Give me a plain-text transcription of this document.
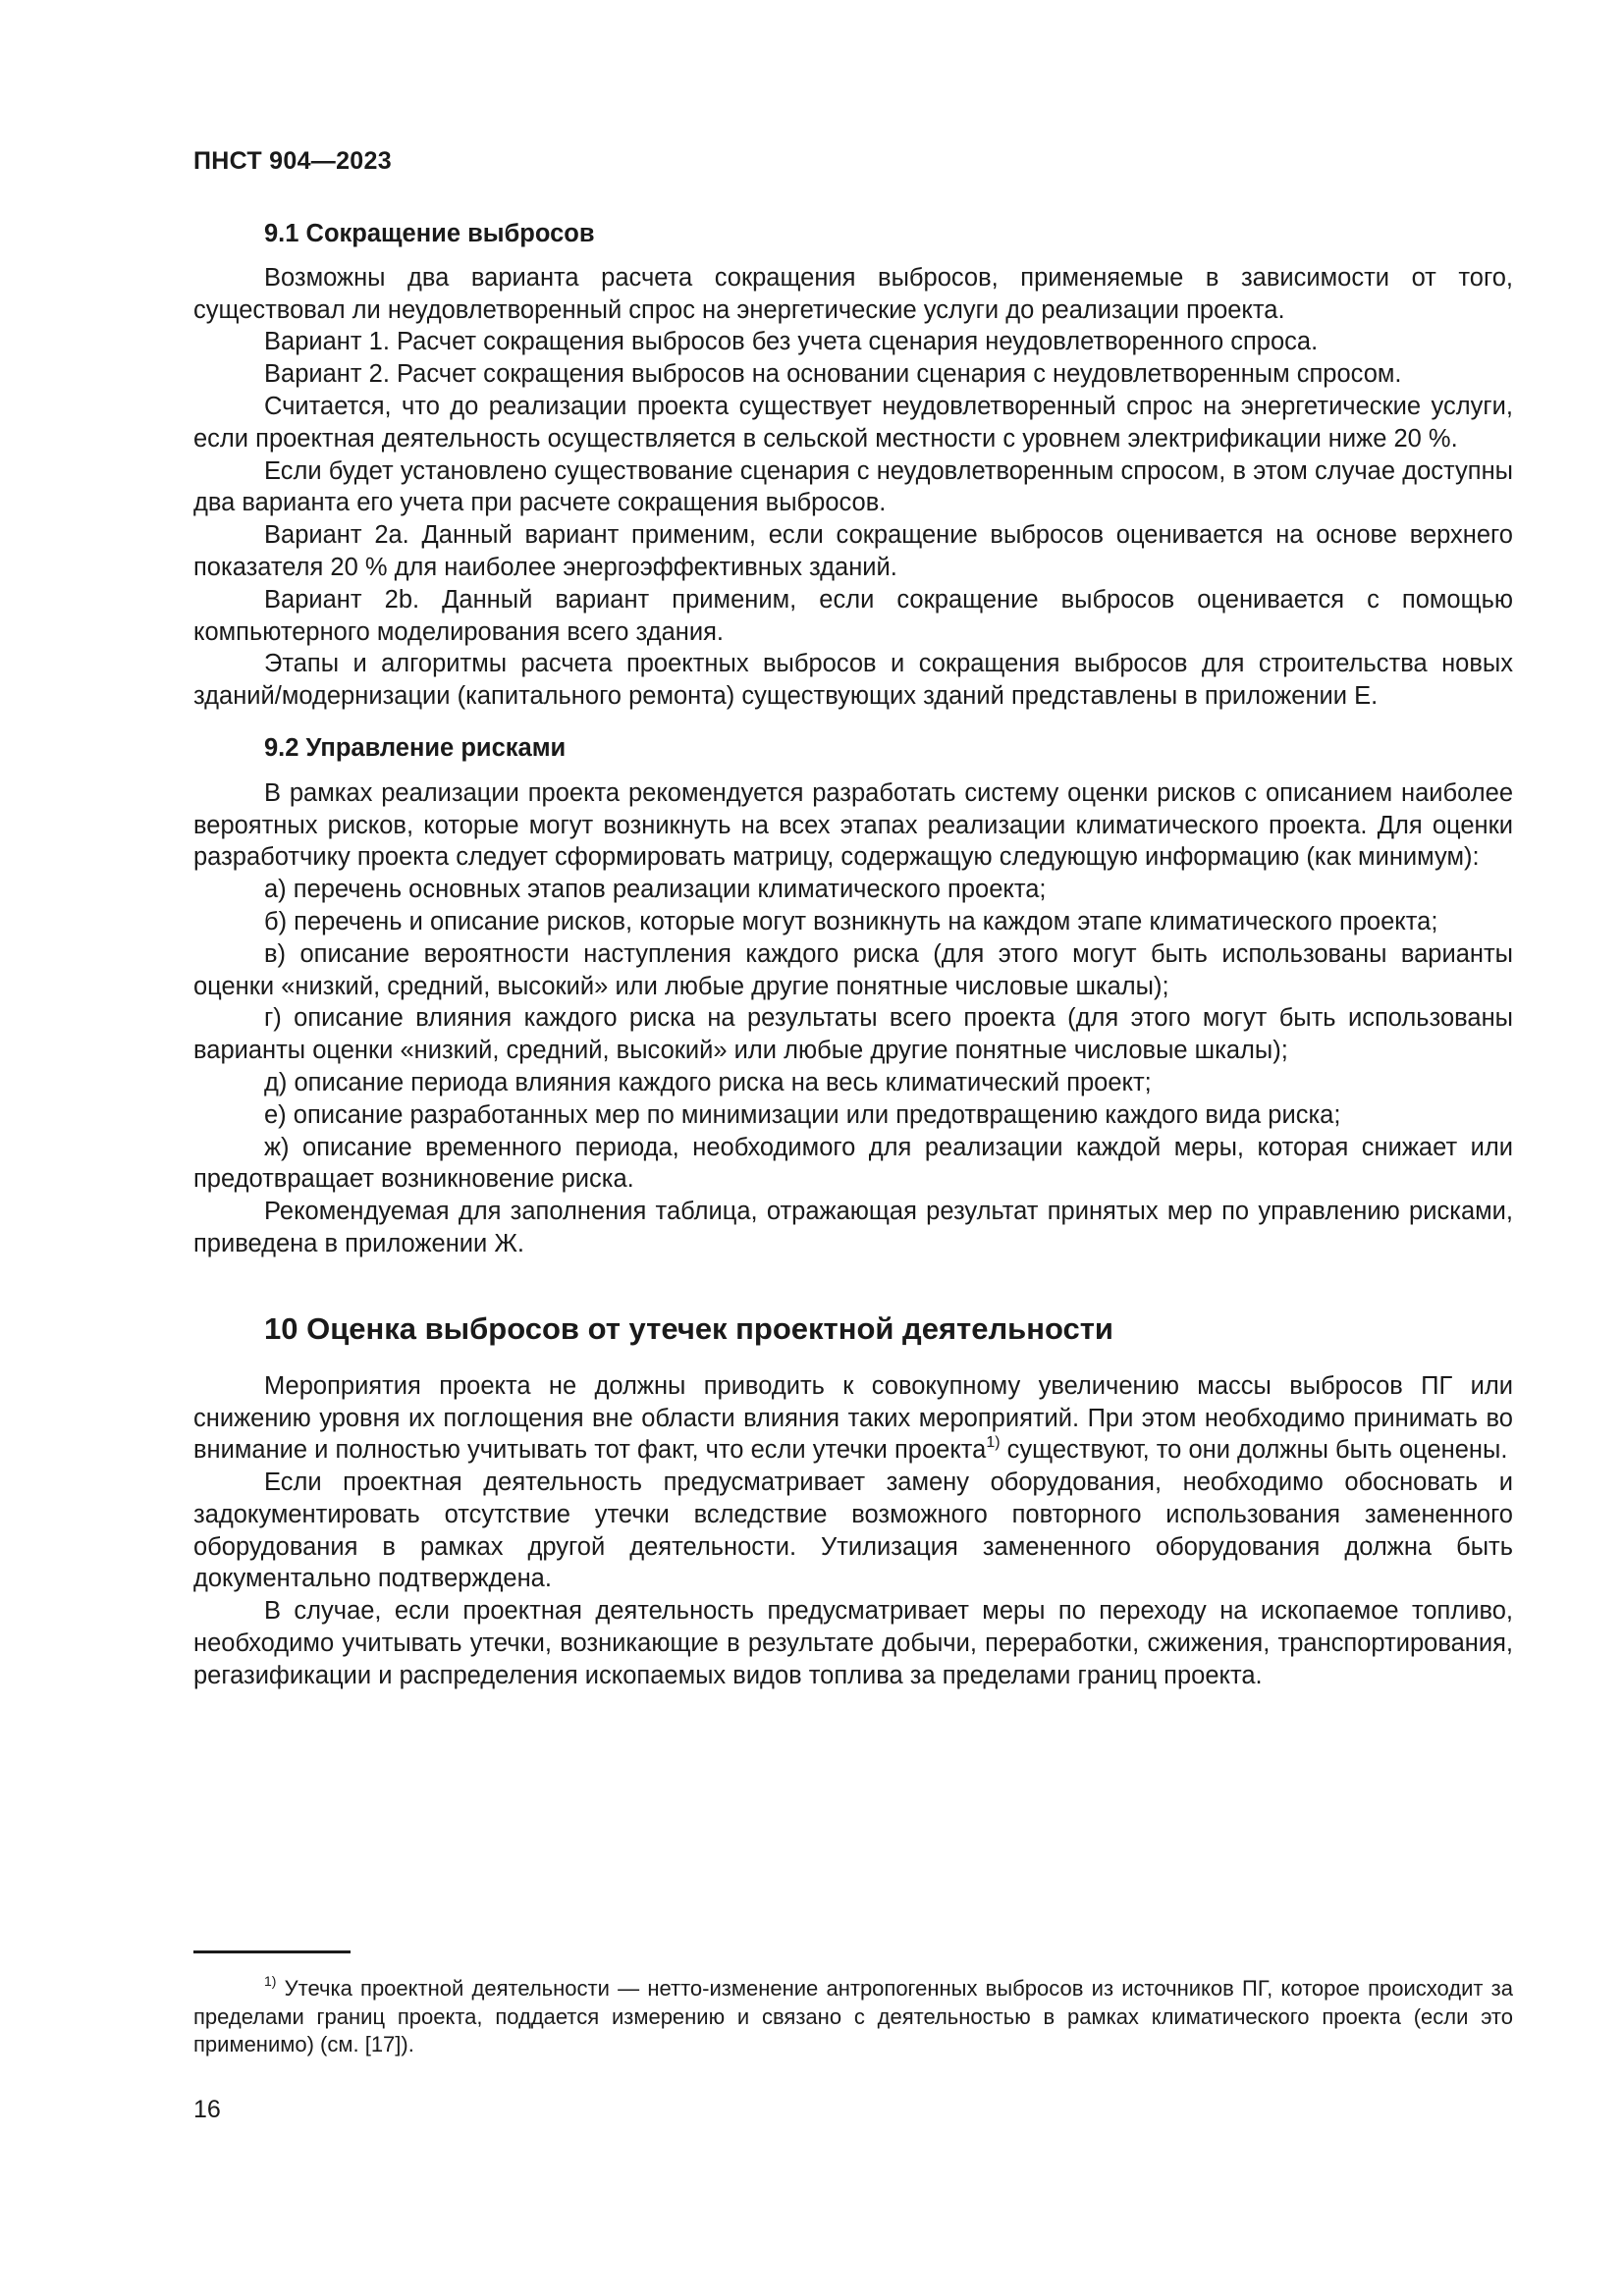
ПНСТ 904—2023

9.1 Сокращение выбросов

Возможны два варианта расчета сокращения выбросов, применяемые в зависимости от того, существовал ли неудовлетворенный спрос на энергетические услуги до реализации проекта.

Вариант 1. Расчет сокращения выбросов без учета сценария неудовлетворенного спроса.

Вариант 2. Расчет сокращения выбросов на основании сценария с неудовлетворенным спросом.

Считается, что до реализации проекта существует неудовлетворенный спрос на энергетические услуги, если проектная деятельность осуществляется в сельской местности с уровнем электрификации ниже 20 %.

Если будет установлено существование сценария с неудовлетворенным спросом, в этом случае доступны два варианта его учета при расчете сокращения выбросов.

Вариант 2a. Данный вариант применим, если сокращение выбросов оценивается на основе верхнего показателя 20 % для наиболее энергоэффективных зданий.

Вариант 2b. Данный вариант применим, если сокращение выбросов оценивается с помощью компьютерного моделирования всего здания.

Этапы и алгоритмы расчета проектных выбросов и сокращения выбросов для строительства новых зданий/модернизации (капитального ремонта) существующих зданий представлены в приложении Е.

9.2 Управление рисками

В рамках реализации проекта рекомендуется разработать систему оценки рисков с описанием наиболее вероятных рисков, которые могут возникнуть на всех этапах реализации климатического проекта. Для оценки разработчику проекта следует сформировать матрицу, содержащую следующую информацию (как минимум):

а) перечень основных этапов реализации климатического проекта;

б) перечень и описание рисков, которые могут возникнуть на каждом этапе климатического проекта;

в) описание вероятности наступления каждого риска (для этого могут быть использованы варианты оценки «низкий, средний, высокий» или любые другие понятные числовые шкалы);

г) описание влияния каждого риска на результаты всего проекта (для этого могут быть использованы варианты оценки «низкий, средний, высокий» или любые другие понятные числовые шкалы);

д) описание периода влияния каждого риска на весь климатический проект;

е) описание разработанных мер по минимизации или предотвращению каждого вида риска;

ж) описание временного периода, необходимого для реализации каждой меры, которая снижает или предотвращает возникновение риска.

Рекомендуемая для заполнения таблица, отражающая результат принятых мер по управлению рисками, приведена в приложении Ж.

10 Оценка выбросов от утечек проектной деятельности

Мероприятия проекта не должны приводить к совокупному увеличению массы выбросов ПГ или снижению уровня их поглощения вне области влияния таких мероприятий. При этом необходимо принимать во внимание и полностью учитывать тот факт, что если утечки проекта$^{1)}$ существуют, то они должны быть оценены.

Если проектная деятельность предусматривает замену оборудования, необходимо обосновать и задокументировать отсутствие утечки вследствие возможного повторного использования замененного оборудования в рамках другой деятельности. Утилизация замененного оборудования должна быть документально подтверждена.

В случае, если проектная деятельность предусматривает меры по переходу на ископаемое топливо, необходимо учитывать утечки, возникающие в результате добычи, переработки, сжижения, транспортирования, регазификации и распределения ископаемых видов топлива за пределами границ проекта.

$^{1)}$ Утечка проектной деятельности — нетто-изменение антропогенных выбросов из источников ПГ, которое происходит за пределами границ проекта, поддается измерению и связано с деятельностью в рамках климатического проекта (если это применимо) (см. [17]).

16
